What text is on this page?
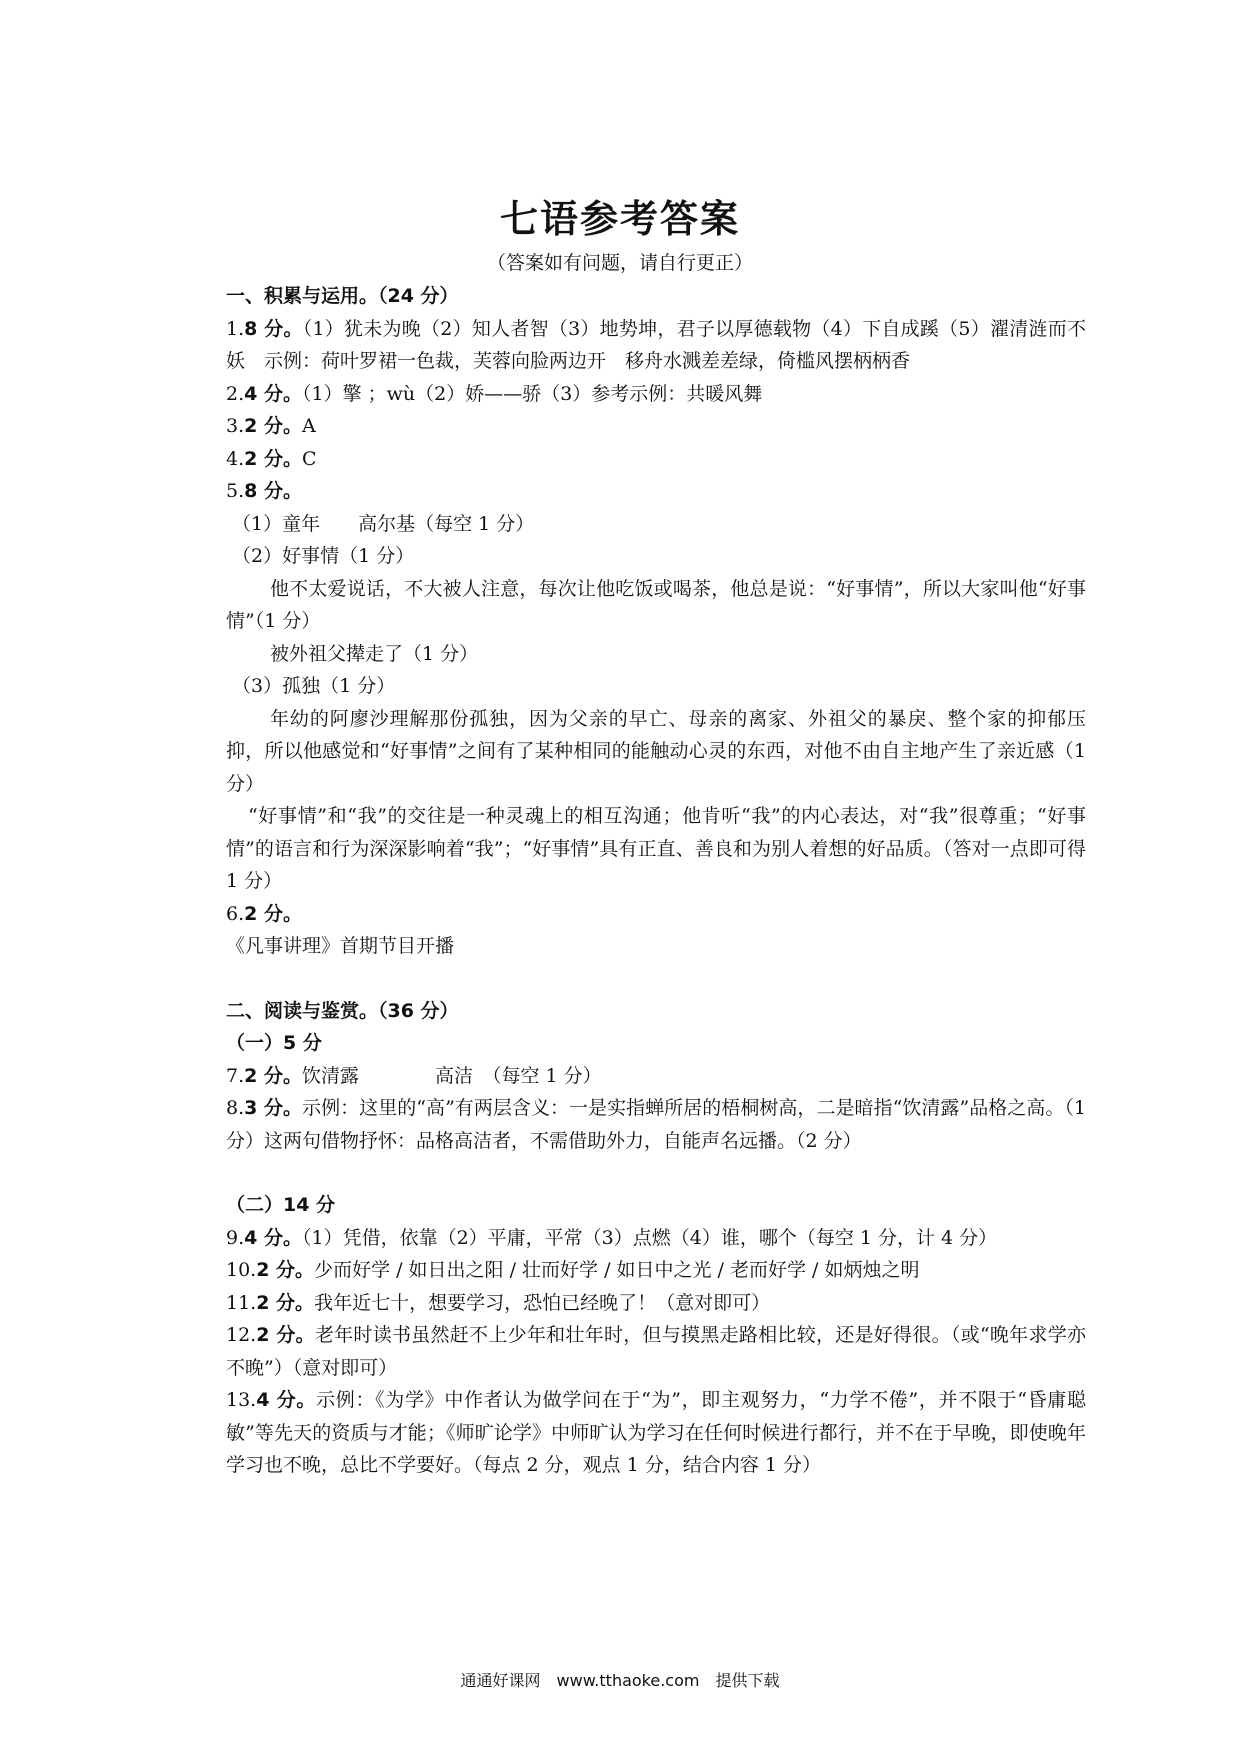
七语参考答案
（答案如有问题，请自行更正）
一、积累与运用。（24 分）
1.8 分。（1）犹未为晚（2）知人者智（3）地势坤，君子以厚德载物（4）下自成蹊（5）濯清涟而不妖　示例：荷叶罗裙一色裁，芙蓉向脸两边开　移舟水溅差差绿，倚槛风摆柄柄香
2.4 分。（1）擎 ；wù（2）娇——骄（3）参考示例：共暖风舞
3.2 分。A
4.2 分。C
5.8 分。
（1）童年　　高尔基（每空 1 分）
（2）好事情（1 分）
他不太爱说话，不大被人注意，每次让他吃饭或喝茶，他总是说：“好事情”，所以大家叫他“好事情”（1 分）
被外祖父撵走了（1 分）
（3）孤独（1 分）
年幼的阿廖沙理解那份孤独，因为父亲的早亡、母亲的离家、外祖父的暴戾、整个家的抑郁压抑，所以他感觉和“好事情”之间有了某种相同的能触动心灵的东西，对他不由自主地产生了亲近感（1 分）
“好事情”和“我”的交往是一种灵魂上的相互沟通；他肯听“我”的内心表达，对“我”很尊重；“好事情”的语言和行为深深影响着“我”；“好事情”具有正直、善良和为别人着想的好品质。（答对一点即可得 1 分）
6.2 分。
《凡事讲理》首期节目开播
二、阅读与鉴赏。（36 分）
（一）5 分
7.2 分。饮清露　　　　高洁　（每空 1 分）
8.3 分。示例：这里的“高”有两层含义：一是实指蝉所居的梧桐树高，二是暗指“饮清露”品格之高。（1 分）这两句借物抒怀：品格高洁者，不需借助外力，自能声名远播。（2 分）
（二）14 分
9.4 分。（1）凭借，依靠（2）平庸，平常（3）点燃（4）谁，哪个（每空 1 分，计 4 分）
10.2 分。少而好学 / 如日出之阳 / 壮而好学 / 如日中之光 / 老而好学 / 如炳烛之明
11.2 分。我年近七十，想要学习，恐怕已经晚了！（意对即可）
12.2 分。老年时读书虽然赶不上少年和壮年时，但与摸黑走路相比较，还是好得很。（或“晚年求学亦不晚”）（意对即可）
13.4 分。示例：《为学》中作者认为做学问在于“为”，即主观努力，“力学不倦”，并不限于“昏庸聪敏”等先天的资质与才能；《师旷论学》中师旷认为学习在任何时候进行都行，并不在于早晚，即使晚年学习也不晚，总比不学要好。（每点 2 分，观点 1 分，结合内容 1 分）
通通好课网　www.tthaoke.com　提供下载
